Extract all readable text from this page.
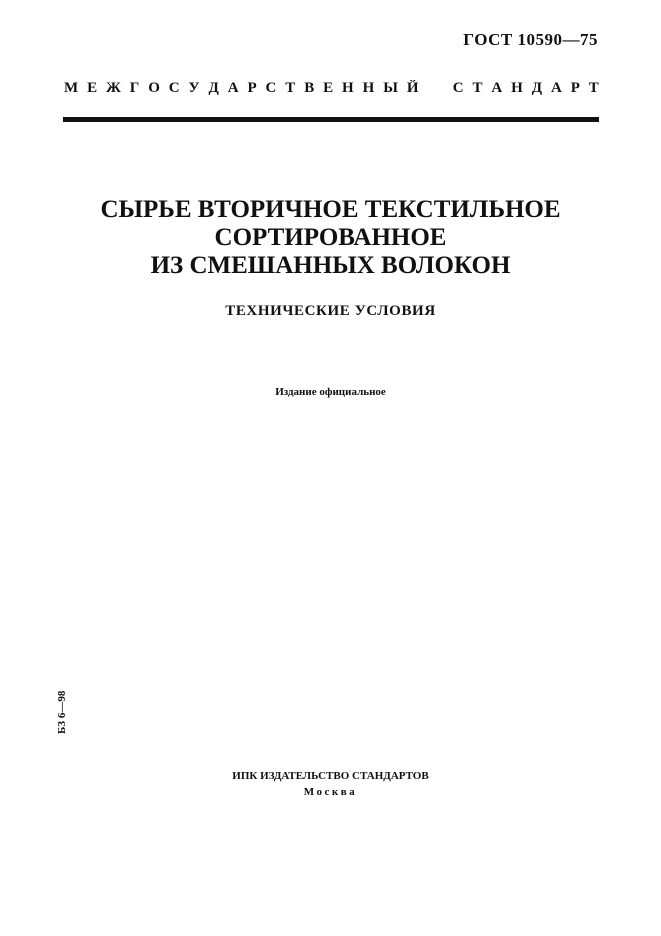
ГОСТ 10590—75
М Е Ж Г О С У Д А Р С Т В Е Н Н Ы Й

С Т А Н Д А Р Т
СЫРЬЕ ВТОРИЧНОЕ ТЕКСТИЛЬНОЕ
СОРТИРОВАННОЕ
ИЗ СМЕШАННЫХ ВОЛОКОН
ТЕХНИЧЕСКИЕ УСЛОВИЯ
Издание официальное
БЗ 6—98
ИПК ИЗДАТЕЛЬСТВО СТАНДАРТОВ
Москва
